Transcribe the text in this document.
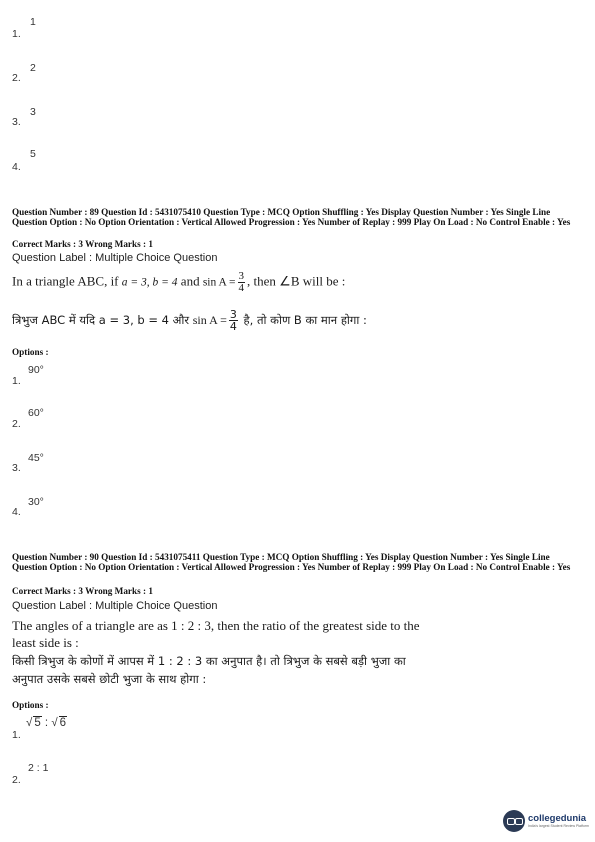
1
1.
2
2.
3
3.
5
4.
Question Number : 89 Question Id : 5431075410 Question Type : MCQ Option Shuffling : Yes Display Question Number : Yes Single Line Question Option : No Option Orientation : Vertical Allowed Progression : Yes Number of Replay : 999 Play On Load : No Control Enable : Yes
Correct Marks : 3 Wrong Marks : 1
Question Label : Multiple Choice Question
In a triangle ABC, if a = 3, b = 4 and $\sin A = \frac{3}{4}$ , then ∠B will be :
त्रिभुज ABC में यदि a = 3, b = 4 और $\sin A = \frac{3}{4}$ है, तो कोण B का मान होगा :
Options :
90°
1.
60°
2.
45°
3.
30°
4.
Question Number : 90 Question Id : 5431075411 Question Type : MCQ Option Shuffling : Yes Display Question Number : Yes Single Line Question Option : No Option Orientation : Vertical Allowed Progression : Yes Number of Replay : 999 Play On Load : No Control Enable : Yes
Correct Marks : 3 Wrong Marks : 1
Question Label : Multiple Choice Question
The angles of a triangle are as 1 : 2 : 3, then the ratio of the greatest side to the
least side is :
किसी त्रिभुज के कोणों में आपस में 1 : 2 : 3 का अनुपात है। तो त्रिभुज के सबसे बड़ी भुजा का
अनुपात उसके सबसे छोटी भुजा के साथ होगा :
Options :
√ 5 : √ 6
1.
2 : 1
2.
collegedunia
India's largest Student Review Platform
